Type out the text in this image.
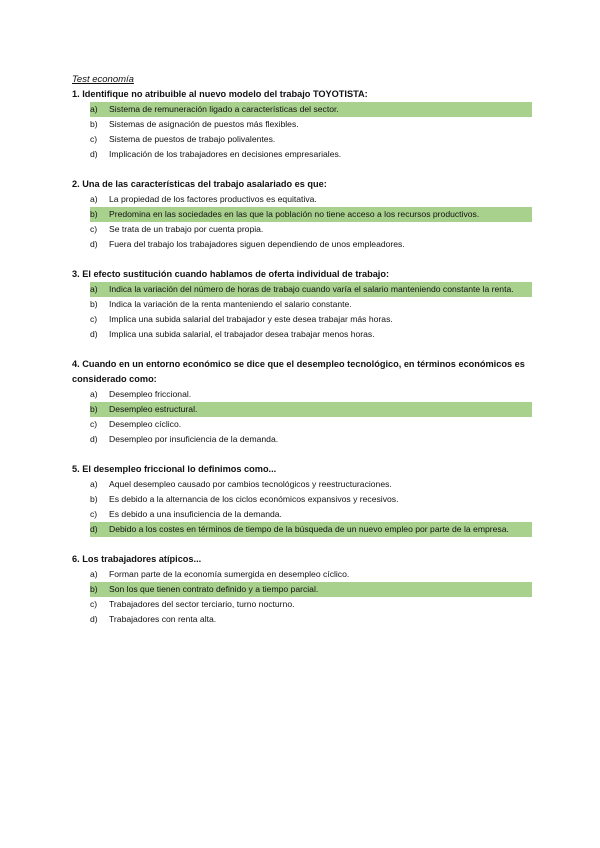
Test economía
1. Identifique no atribuible al nuevo modelo del trabajo TOYOTISTA:
a)	Sistema de remuneración ligado a características del sector.
b)	Sistemas de asignación de puestos más flexibles.
c)	Sistema de puestos de trabajo polivalentes.
d)	Implicación de los trabajadores en decisiones empresariales.
2. Una de las características del trabajo asalariado es que:
a)	La propiedad de los factores productivos es equitativa.
b)	Predomina en las sociedades en las que la población no tiene acceso a los recursos productivos.
c)	Se trata de un trabajo por cuenta propia.
d)	Fuera del trabajo los trabajadores siguen dependiendo de unos empleadores.
3. El efecto sustitución cuando hablamos de oferta individual de trabajo:
a)	Indica la variación del número de horas de trabajo cuando varía el salario manteniendo constante la renta.
b)	Indica la variación de la renta manteniendo el salario constante.
c)	Implica una subida salarial del trabajador y este desea trabajar más horas.
d)	Implica una subida salarial, el trabajador desea trabajar menos horas.
4. Cuando en un entorno económico se dice que el desempleo tecnológico, en términos económicos es considerado como:
a)	Desempleo friccional.
b)	Desempleo estructural.
c)	Desempleo cíclico.
d)	Desempleo por insuficiencia de la demanda.
5. El desempleo friccional lo definimos como...
a)	Aquel desempleo causado por cambios tecnológicos y reestructuraciones.
b)	Es debido a la alternancia de los ciclos económicos expansivos y recesivos.
c)	Es debido a una insuficiencia de la demanda.
d)	Debido a los costes en términos de tiempo de la búsqueda de un nuevo empleo por parte de la empresa.
6. Los trabajadores atípicos...
a)	Forman parte de la economía sumergida en desempleo cíclico.
b)	Son los que tienen contrato definido y a tiempo parcial.
c)	Trabajadores del sector terciario, turno nocturno.
d)	Trabajadores con renta alta.
